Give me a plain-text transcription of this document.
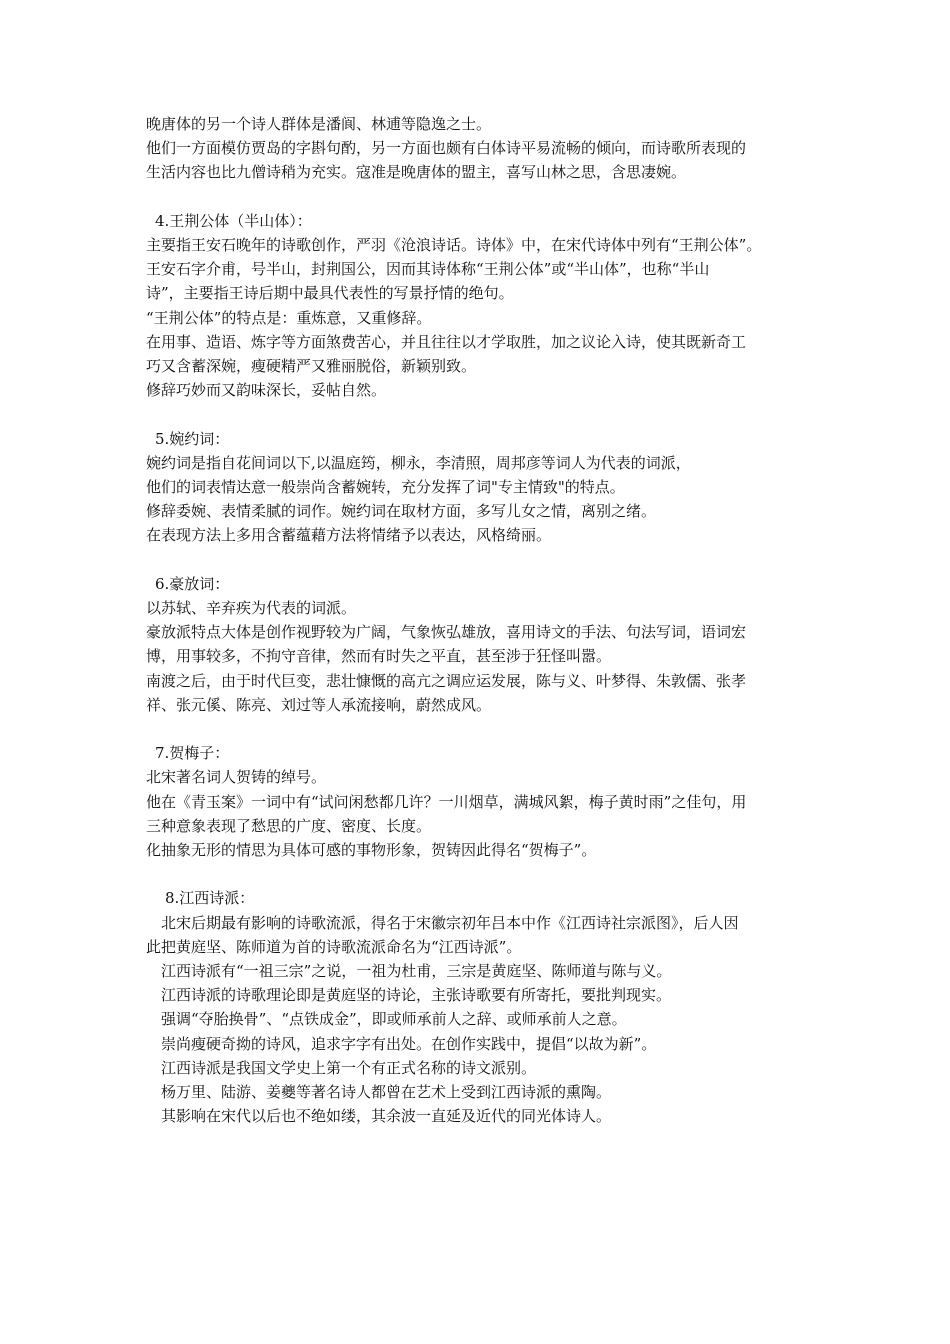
晚唐体的另一个诗人群体是潘阆、林逋等隐逸之士。
他们一方面模仿贾岛的字斟句酌，另一方面也颇有白体诗平易流畅的倾向，而诗歌所表现的
生活内容也比九僧诗稍为充实。寇准是晚唐体的盟主，喜写山林之思，含思凄婉。
4.王荆公体（半山体）：
主要指王安石晚年的诗歌创作，严羽《沧浪诗话。诗体》中，在宋代诗体中列有“王荆公体”。
王安石字介甫，号半山，封荆国公，因而其诗体称“王荆公体”或“半山体”，也称“半山
诗”，主要指王诗后期中最具代表性的写景抒情的绝句。
“王荆公体”的特点是：重炼意，又重修辞。
在用事、造语、炼字等方面煞费苦心，并且往往以才学取胜，加之议论入诗，使其既新奇工
巧又含蓄深婉，瘦硬精严又雅丽脱俗，新颖别致。
修辞巧妙而又韵味深长，妥帖自然。
5.婉约词：
婉约词是指自花间词以下,以温庭筠，柳永，李清照，周邦彦等词人为代表的词派，
他们的词表情达意一般崇尚含蓄婉转，充分发挥了词"专主情致"的特点。
修辞委婉、表情柔腻的词作。婉约词在取材方面，多写儿女之情，离别之绪。
在表现方法上多用含蓄蕴藉方法将情绪予以表达，风格绮丽。
6.豪放词：
以苏轼、辛弃疾为代表的词派。
豪放派特点大体是创作视野较为广阔，气象恢弘雄放，喜用诗文的手法、句法写词，语词宏
博，用事较多，不拘守音律，然而有时失之平直，甚至涉于狂怪叫嚣。
南渡之后，由于时代巨变，悲壮慷慨的高亢之调应运发展，陈与义、叶梦得、朱敦儒、张孝
祥、张元傒、陈亮、刘过等人承流接响，蔚然成风。
7.贺梅子：
北宋著名词人贺铸的绰号。
他在《青玉案》一词中有“试问闲愁都几许？一川烟草，满城风絮，梅子黄时雨”之佳句，用
三种意象表现了愁思的广度、密度、长度。
化抽象无形的情思为具体可感的事物形象，贺铸因此得名“贺梅子”。
8.江西诗派：
北宋后期最有影响的诗歌流派，得名于宋徽宗初年吕本中作《江西诗社宗派图》，后人因
此把黄庭坚、陈师道为首的诗歌流派命名为“江西诗派”。
江西诗派有“一祖三宗”之说，一祖为杜甫，三宗是黄庭坚、陈师道与陈与义。
江西诗派的诗歌理论即是黄庭坚的诗论，主张诗歌要有所寄托，要批判现实。
强调“夺胎换骨”、“点铁成金”，即或师承前人之辞、或师承前人之意。
崇尚瘦硬奇拗的诗风，追求字字有出处。在创作实践中，提倡“以故为新”。
江西诗派是我国文学史上第一个有正式名称的诗文派别。
杨万里、陆游、姜夔等著名诗人都曾在艺术上受到江西诗派的熏陶。
其影响在宋代以后也不绝如缕，其余波一直延及近代的同光体诗人。
